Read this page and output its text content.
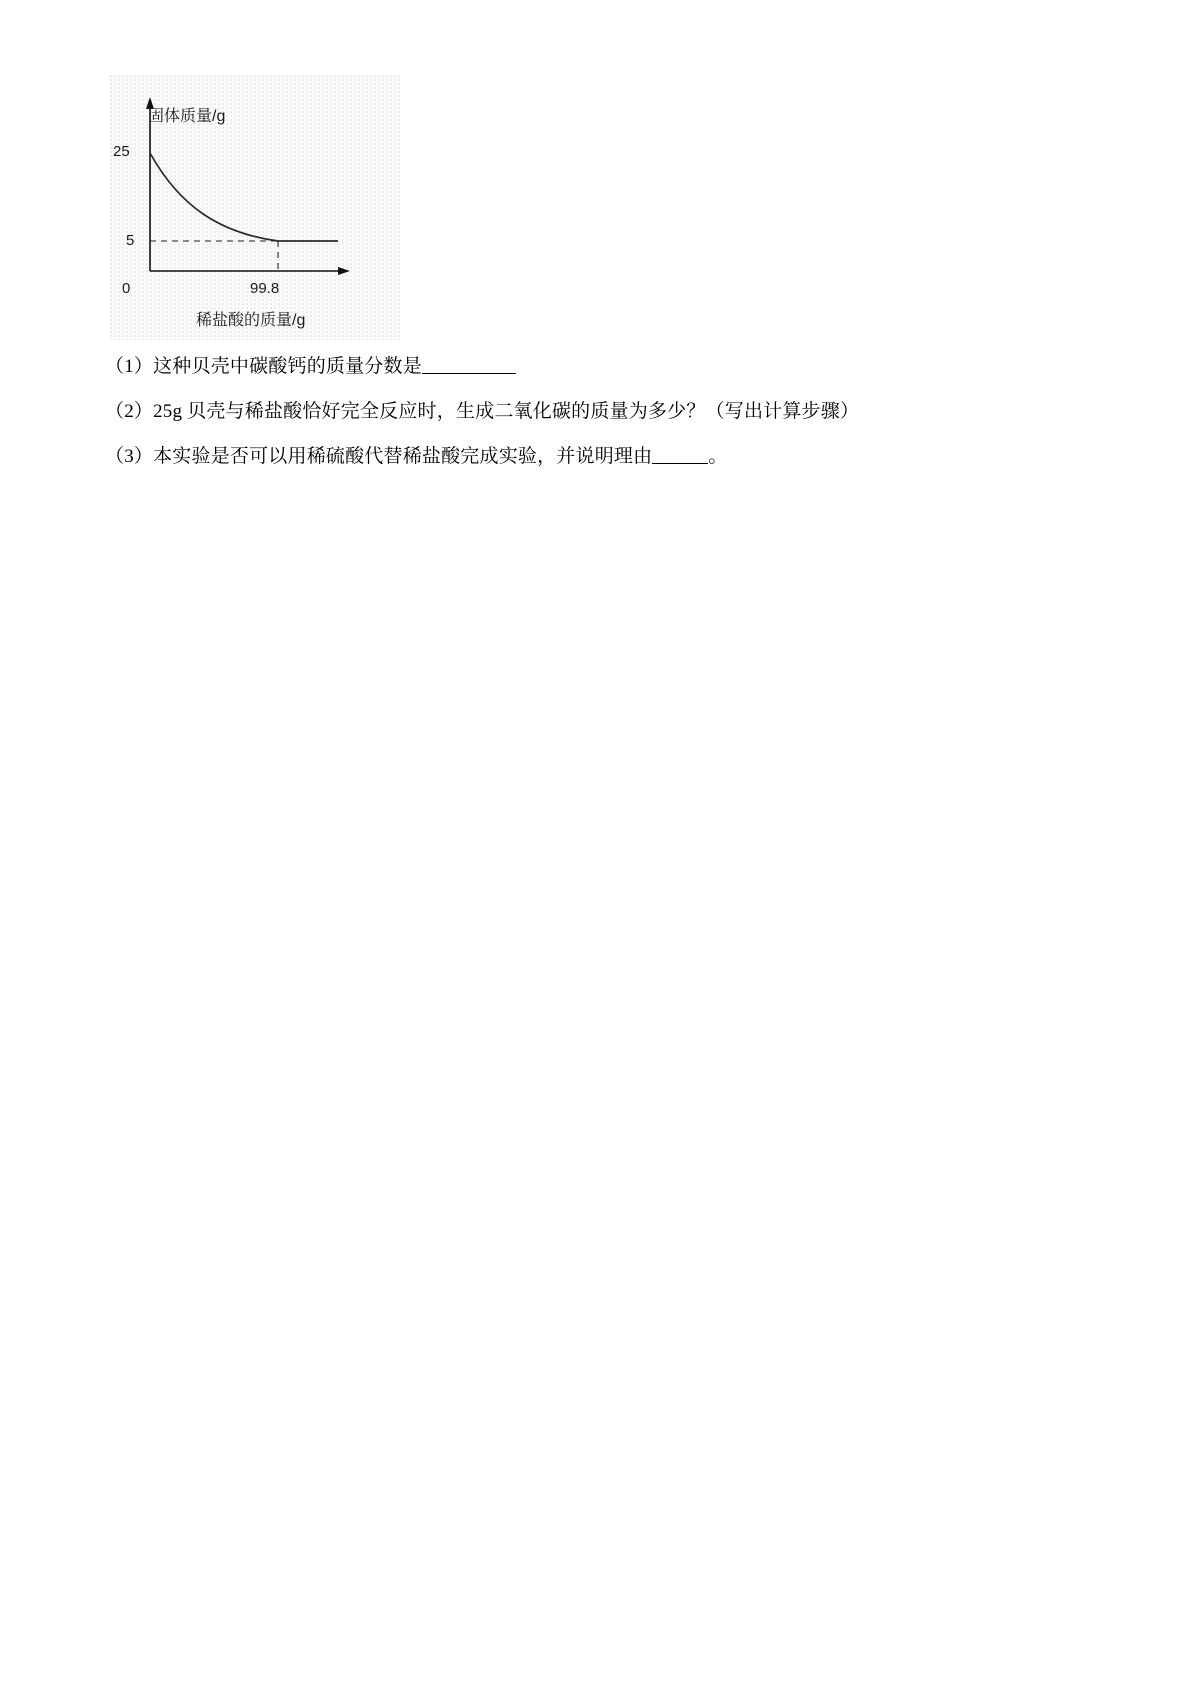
固体质量/g
25
5
0	99.8
稀盐酸的质量/g
（1）这种贝壳中碳酸钙的质量分数是
（2）25g 贝壳与稀盐酸恰好完全反应时，生成二氧化碳的质量为多少？（写出计算步骤）
（3）本实验是否可以用稀硫酸代替稀盐酸完成实验，并说明理由	。
